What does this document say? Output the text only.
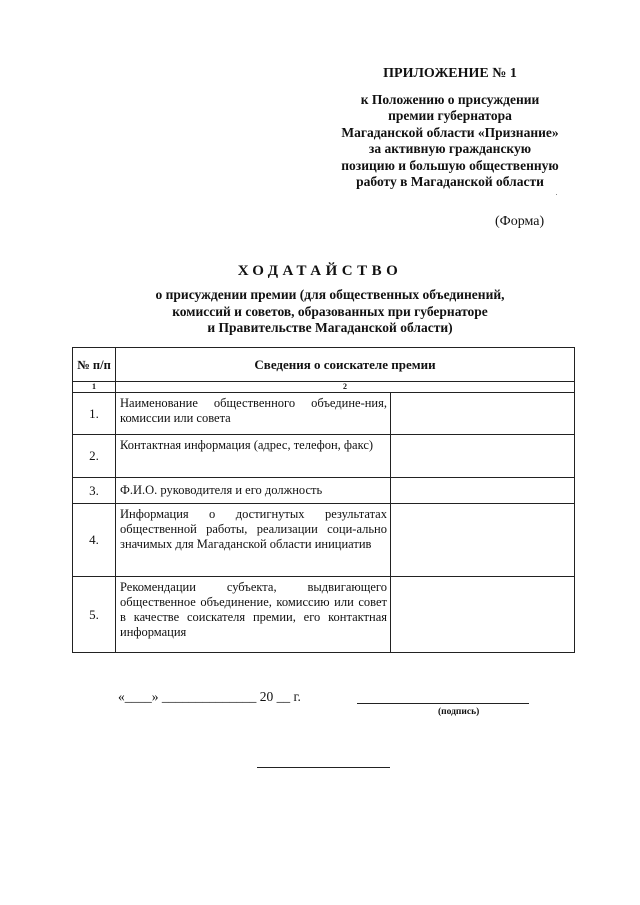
ПРИЛОЖЕНИЕ № 1
к Положению о присуждении
премии губернатора
Магаданской области «Признание»
за активную гражданскую
позицию и большую общественную
работу в Магаданской области
(Форма)
ХОДАТАЙСТВО
о присуждении премии (для общественных объединений,
комиссий и советов, образованных при губернаторе
и Правительстве Магаданской области)
№ п/п	Сведения о соискателе премии	
1	2	
1.	Наименование общественного объедине-ния, комиссии или совета	
2.	Контактная информация (адрес, телефон, факс)	
3.	Ф.И.О. руководителя и его должность	
4.	Информация о достигнутых результатах общественной работы, реализации соци-ально значимых для Магаданской области инициатив	
5.	Рекомендации субъекта, выдвигающего общественное объединение, комиссию или совет в качестве соискателя премии, его контактная информация	
«____» ______________ 20 __ г.
(подпись)
